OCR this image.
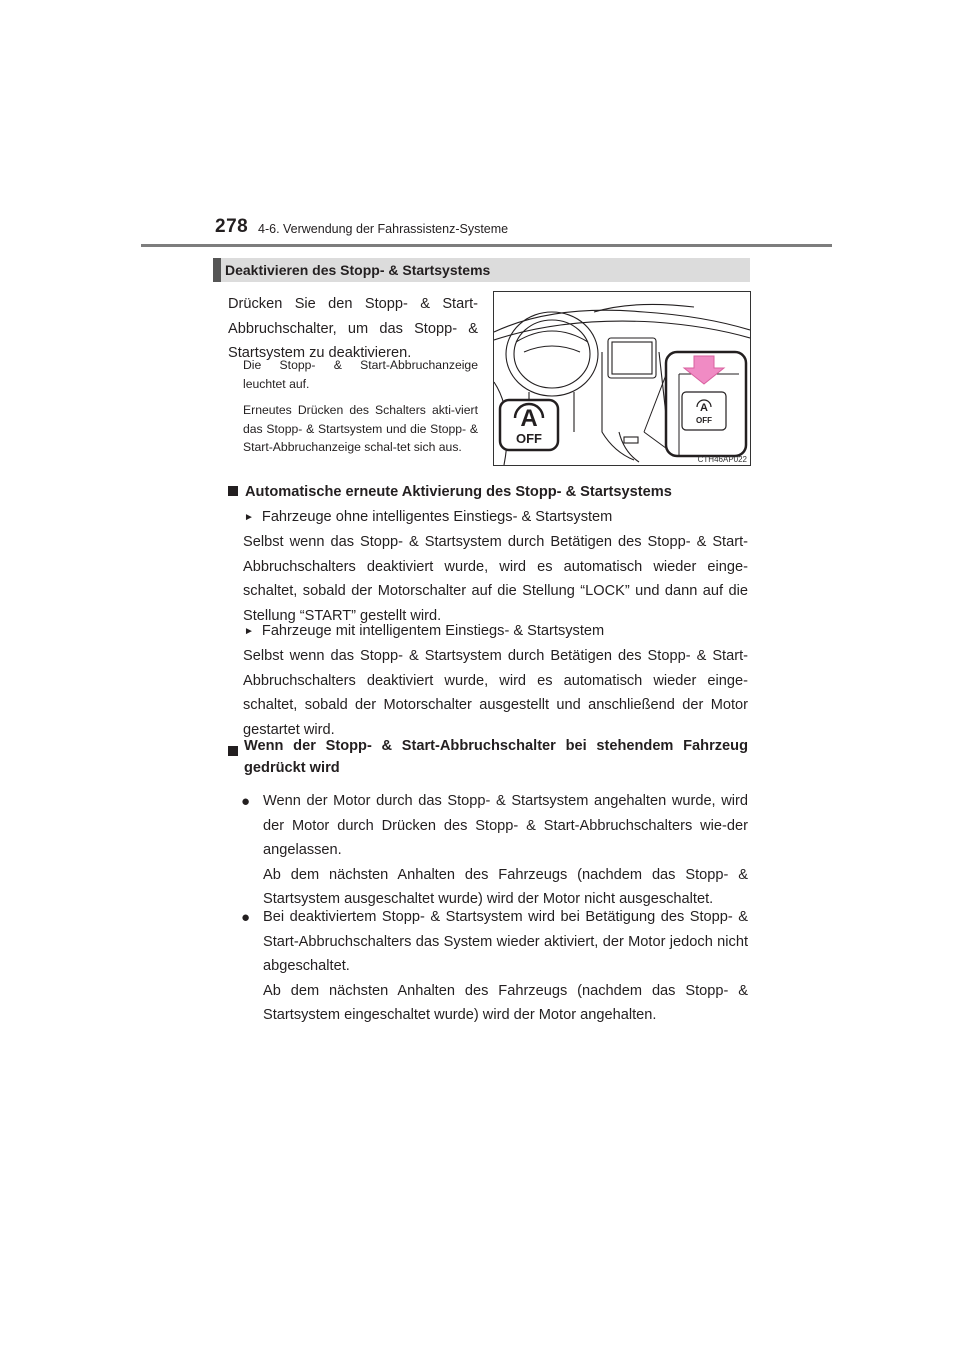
278 4-6. Verwendung der Fahrassistenz-Systeme
Deaktivieren des Stopp- & Startsystems
Drücken Sie den Stopp- & Start-Abbruchschalter, um das Stopp- & Startsystem zu deaktivieren.
Die Stopp- & Start-Abbruchanzeige leuchtet auf.
Erneutes Drücken des Schalters akti-viert das Stopp- & Startsystem und die Stopp- & Start-Abbruchanzeige schal-tet sich aus.
A
OFF
A
OFF
CTH46AP022
Automatische erneute Aktivierung des Stopp- & Startsystems
► Fahrzeuge ohne intelligentes Einstiegs- & Startsystem
Selbst wenn das Stopp- & Startsystem durch Betätigen des Stopp- & Start-Abbruchschalters deaktiviert wurde, wird es automatisch wieder einge-schaltet, sobald der Motorschalter auf die Stellung “LOCK” und dann auf die Stellung “START” gestellt wird.
► Fahrzeuge mit intelligentem Einstiegs- & Startsystem
Selbst wenn das Stopp- & Startsystem durch Betätigen des Stopp- & Start-Abbruchschalters deaktiviert wurde, wird es automatisch wieder einge-schaltet, sobald der Motorschalter ausgestellt und anschließend der Motor gestartet wird.
Wenn der Stopp- & Start-Abbruchschalter bei stehendem Fahrzeug gedrückt wird
● Wenn der Motor durch das Stopp- & Startsystem angehalten wurde, wird der Motor durch Drücken des Stopp- & Start-Abbruchschalters wie-der angelassen.
Ab dem nächsten Anhalten des Fahrzeugs (nachdem das Stopp- & Startsystem ausgeschaltet wurde) wird der Motor nicht ausgeschaltet.
● Bei deaktiviertem Stopp- & Startsystem wird bei Betätigung des Stopp- & Start-Abbruchschalters das System wieder aktiviert, der Motor jedoch nicht abgeschaltet.
Ab dem nächsten Anhalten des Fahrzeugs (nachdem das Stopp- & Startsystem eingeschaltet wurde) wird der Motor angehalten.
